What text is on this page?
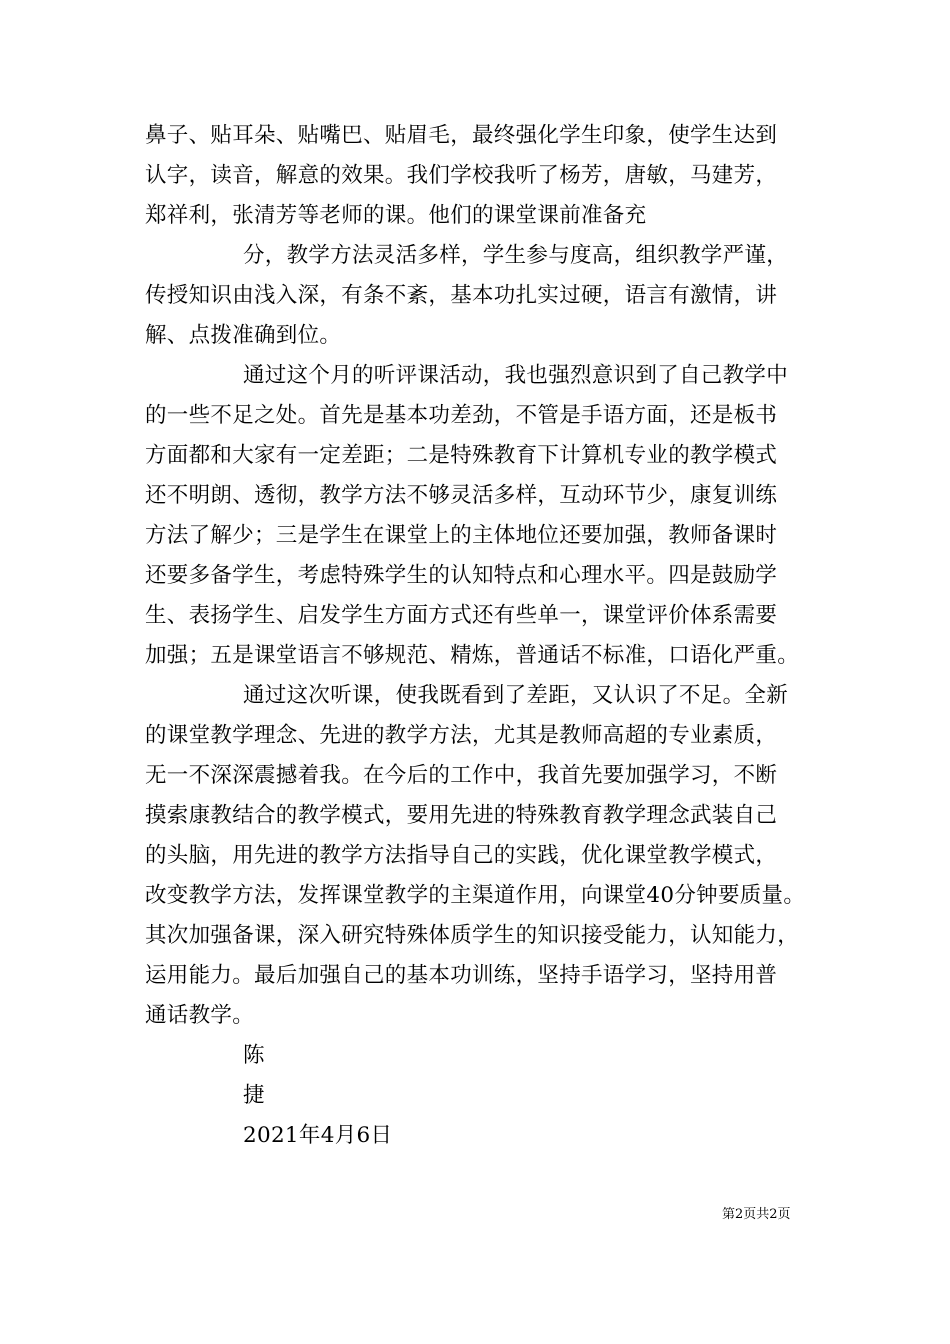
鼻子、贴耳朵、贴嘴巴、贴眉毛，最终强化学生印象，使学生达到
认字，读音，解意的效果。我们学校我听了杨芳，唐敏，马建芳，
郑祥利，张清芳等老师的课。他们的课堂课前准备充
分，教学方法灵活多样，学生参与度高，组织教学严谨，
传授知识由浅入深，有条不紊，基本功扎实过硬，语言有激情，讲
解、点拨准确到位。
通过这个月的听评课活动，我也强烈意识到了自己教学中
的一些不足之处。首先是基本功差劲，不管是手语方面，还是板书
方面都和大家有一定差距；二是特殊教育下计算机专业的教学模式
还不明朗、透彻，教学方法不够灵活多样，互动环节少，康复训练
方法了解少；三是学生在课堂上的主体地位还要加强，教师备课时
还要多备学生，考虑特殊学生的认知特点和心理水平。四是鼓励学
生、表扬学生、启发学生方面方式还有些单一，课堂评价体系需要
加强；五是课堂语言不够规范、精炼，普通话不标准，口语化严重。
通过这次听课，使我既看到了差距，又认识了不足。全新
的课堂教学理念、先进的教学方法，尤其是教师高超的专业素质，
无一不深深震撼着我。在今后的工作中，我首先要加强学习，不断
摸索康教结合的教学模式，要用先进的特殊教育教学理念武装自己
的头脑，用先进的教学方法指导自己的实践，优化课堂教学模式，
改变教学方法，发挥课堂教学的主渠道作用，向课堂40分钟要质量。
其次加强备课，深入研究特殊体质学生的知识接受能力，认知能力，
运用能力。最后加强自己的基本功训练，坚持手语学习，坚持用普
通话教学。
陈
捷
2021年4月6日
第2页共2页
